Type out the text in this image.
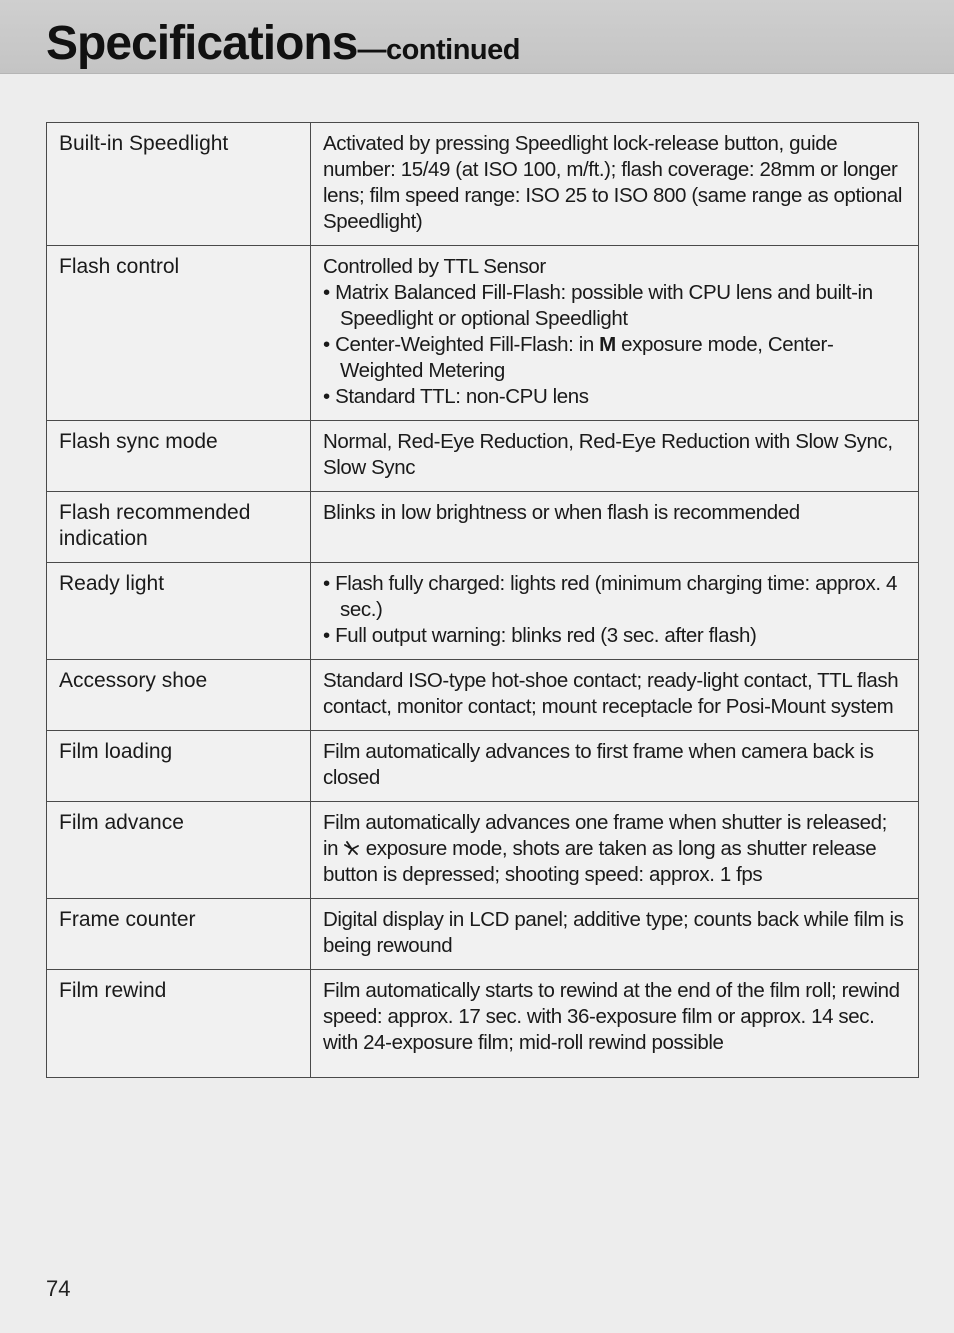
Specifications—continued
Built-in Speedlight	Activated by pressing Speedlight lock-release button, guide number: 15/49 (at ISO 100, m/ft.); flash coverage: 28mm or longer lens; film speed range: ISO 25 to ISO 800 (same range as optional Speedlight)
Flash control	Controlled by TTL Sensor
• Matrix Balanced Fill-Flash: possible with CPU lens and built-in Speedlight or optional Speedlight
• Center-Weighted Fill-Flash: in M exposure mode, Center-Weighted Metering
• Standard TTL: non-CPU lens

Flash sync mode	Normal, Red-Eye Reduction, Red-Eye Reduction with Slow Sync, Slow Sync
Flash recommended indication	Blinks in low brightness or when flash is recommended
Ready light	• Flash fully charged: lights red (minimum charging time: approx. 4 sec.)
• Full output warning: blinks red (3 sec. after flash)

Accessory shoe	Standard ISO-type hot-shoe contact; ready-light contact, TTL flash contact, monitor contact; mount receptacle for Posi-Mount system
Film loading	Film automatically advances to first frame when camera back is closed
Film advance	Film automatically advances one frame when shutter is released; in  exposure mode, shots are taken as long as shutter release button is depressed; shooting speed: approx. 1 fps
Frame counter	Digital display in LCD panel; additive type; counts back while film is being rewound
Film rewind	Film automatically starts to rewind at the end of the film roll; rewind speed: approx. 17 sec. with 36-exposure film or approx. 14 sec. with 24-exposure film; mid-roll rewind possible
74
